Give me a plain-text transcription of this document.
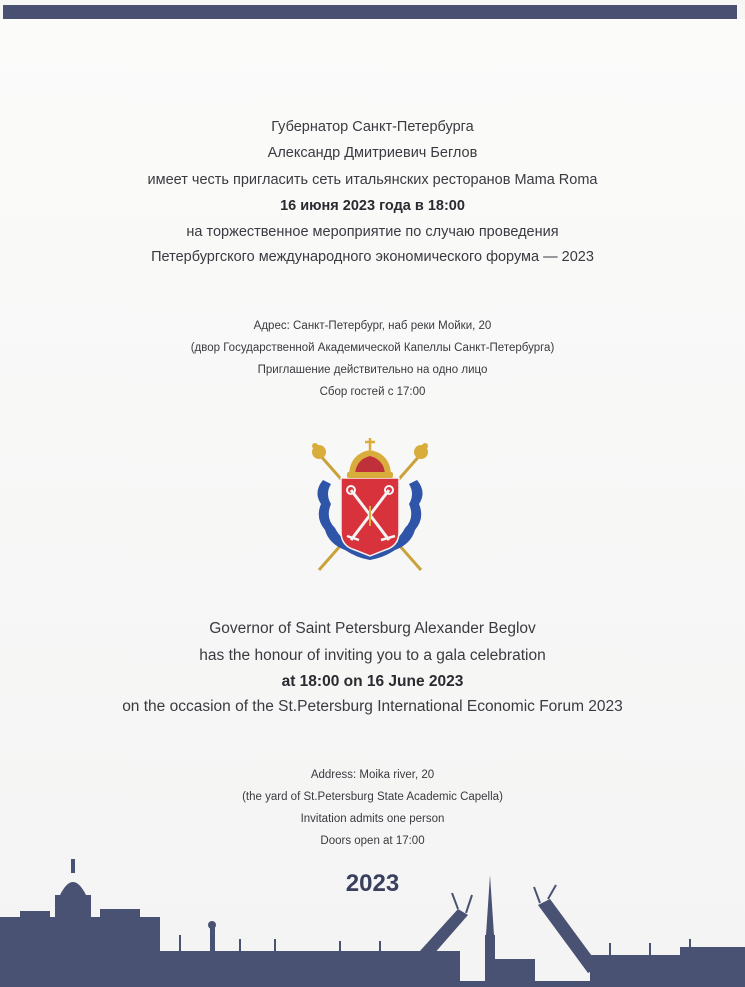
Губернатор Санкт-Петербурга
Александр Дмитриевич Беглов
имеет честь пригласить сеть итальянских ресторанов Mama Roma
16 июня 2023 года в 18:00
на торжественное мероприятие по случаю проведения
Петербургского международного экономического форума — 2023
Адрес: Санкт-Петербург, наб реки Мойки, 20
(двор Государственной Академической Капеллы Санкт-Петербурга)
Приглашение действительно на одно лицо
Сбор гостей с 17:00
Governor of Saint Petersburg Alexander Beglov
has the honour of inviting you to a gala celebration
at 18:00 on 16 June 2023
on the occasion of the St.Petersburg International Economic Forum 2023
Address: Moika river, 20
(the yard of St.Petersburg State Academic Capella)
Invitation admits one person
Doors open at 17:00
2023
